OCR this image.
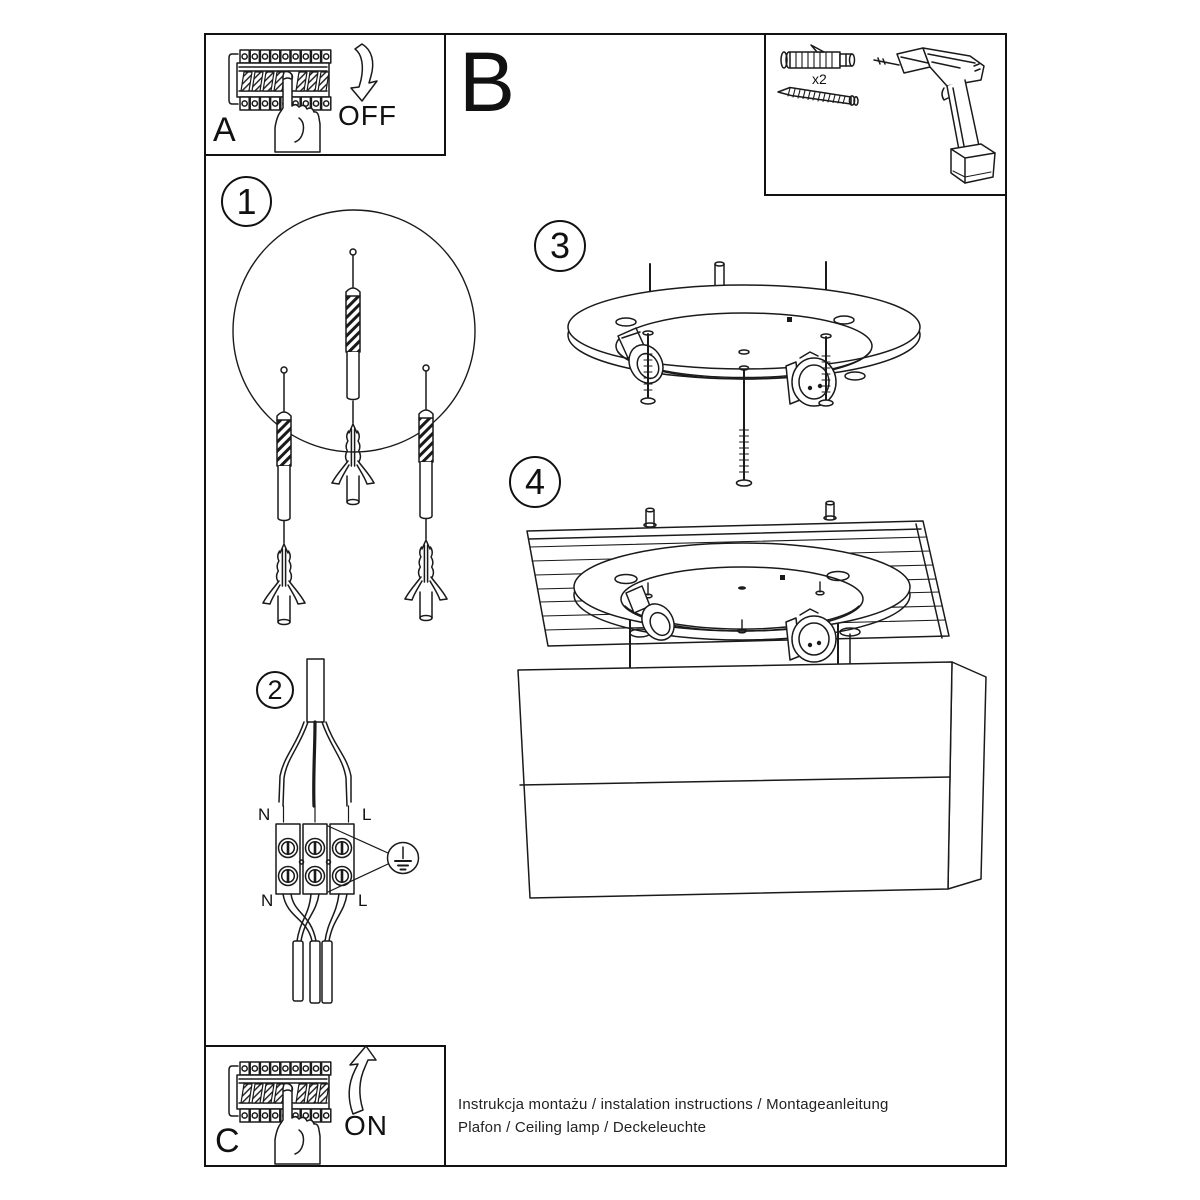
1
2
3
4
A	OFF B	x2
C	ON
N	L
N	L
Instrukcja montażu / instalation instructions / Montageanleitung
Plafon / Ceiling lamp / Deckeleuchte
